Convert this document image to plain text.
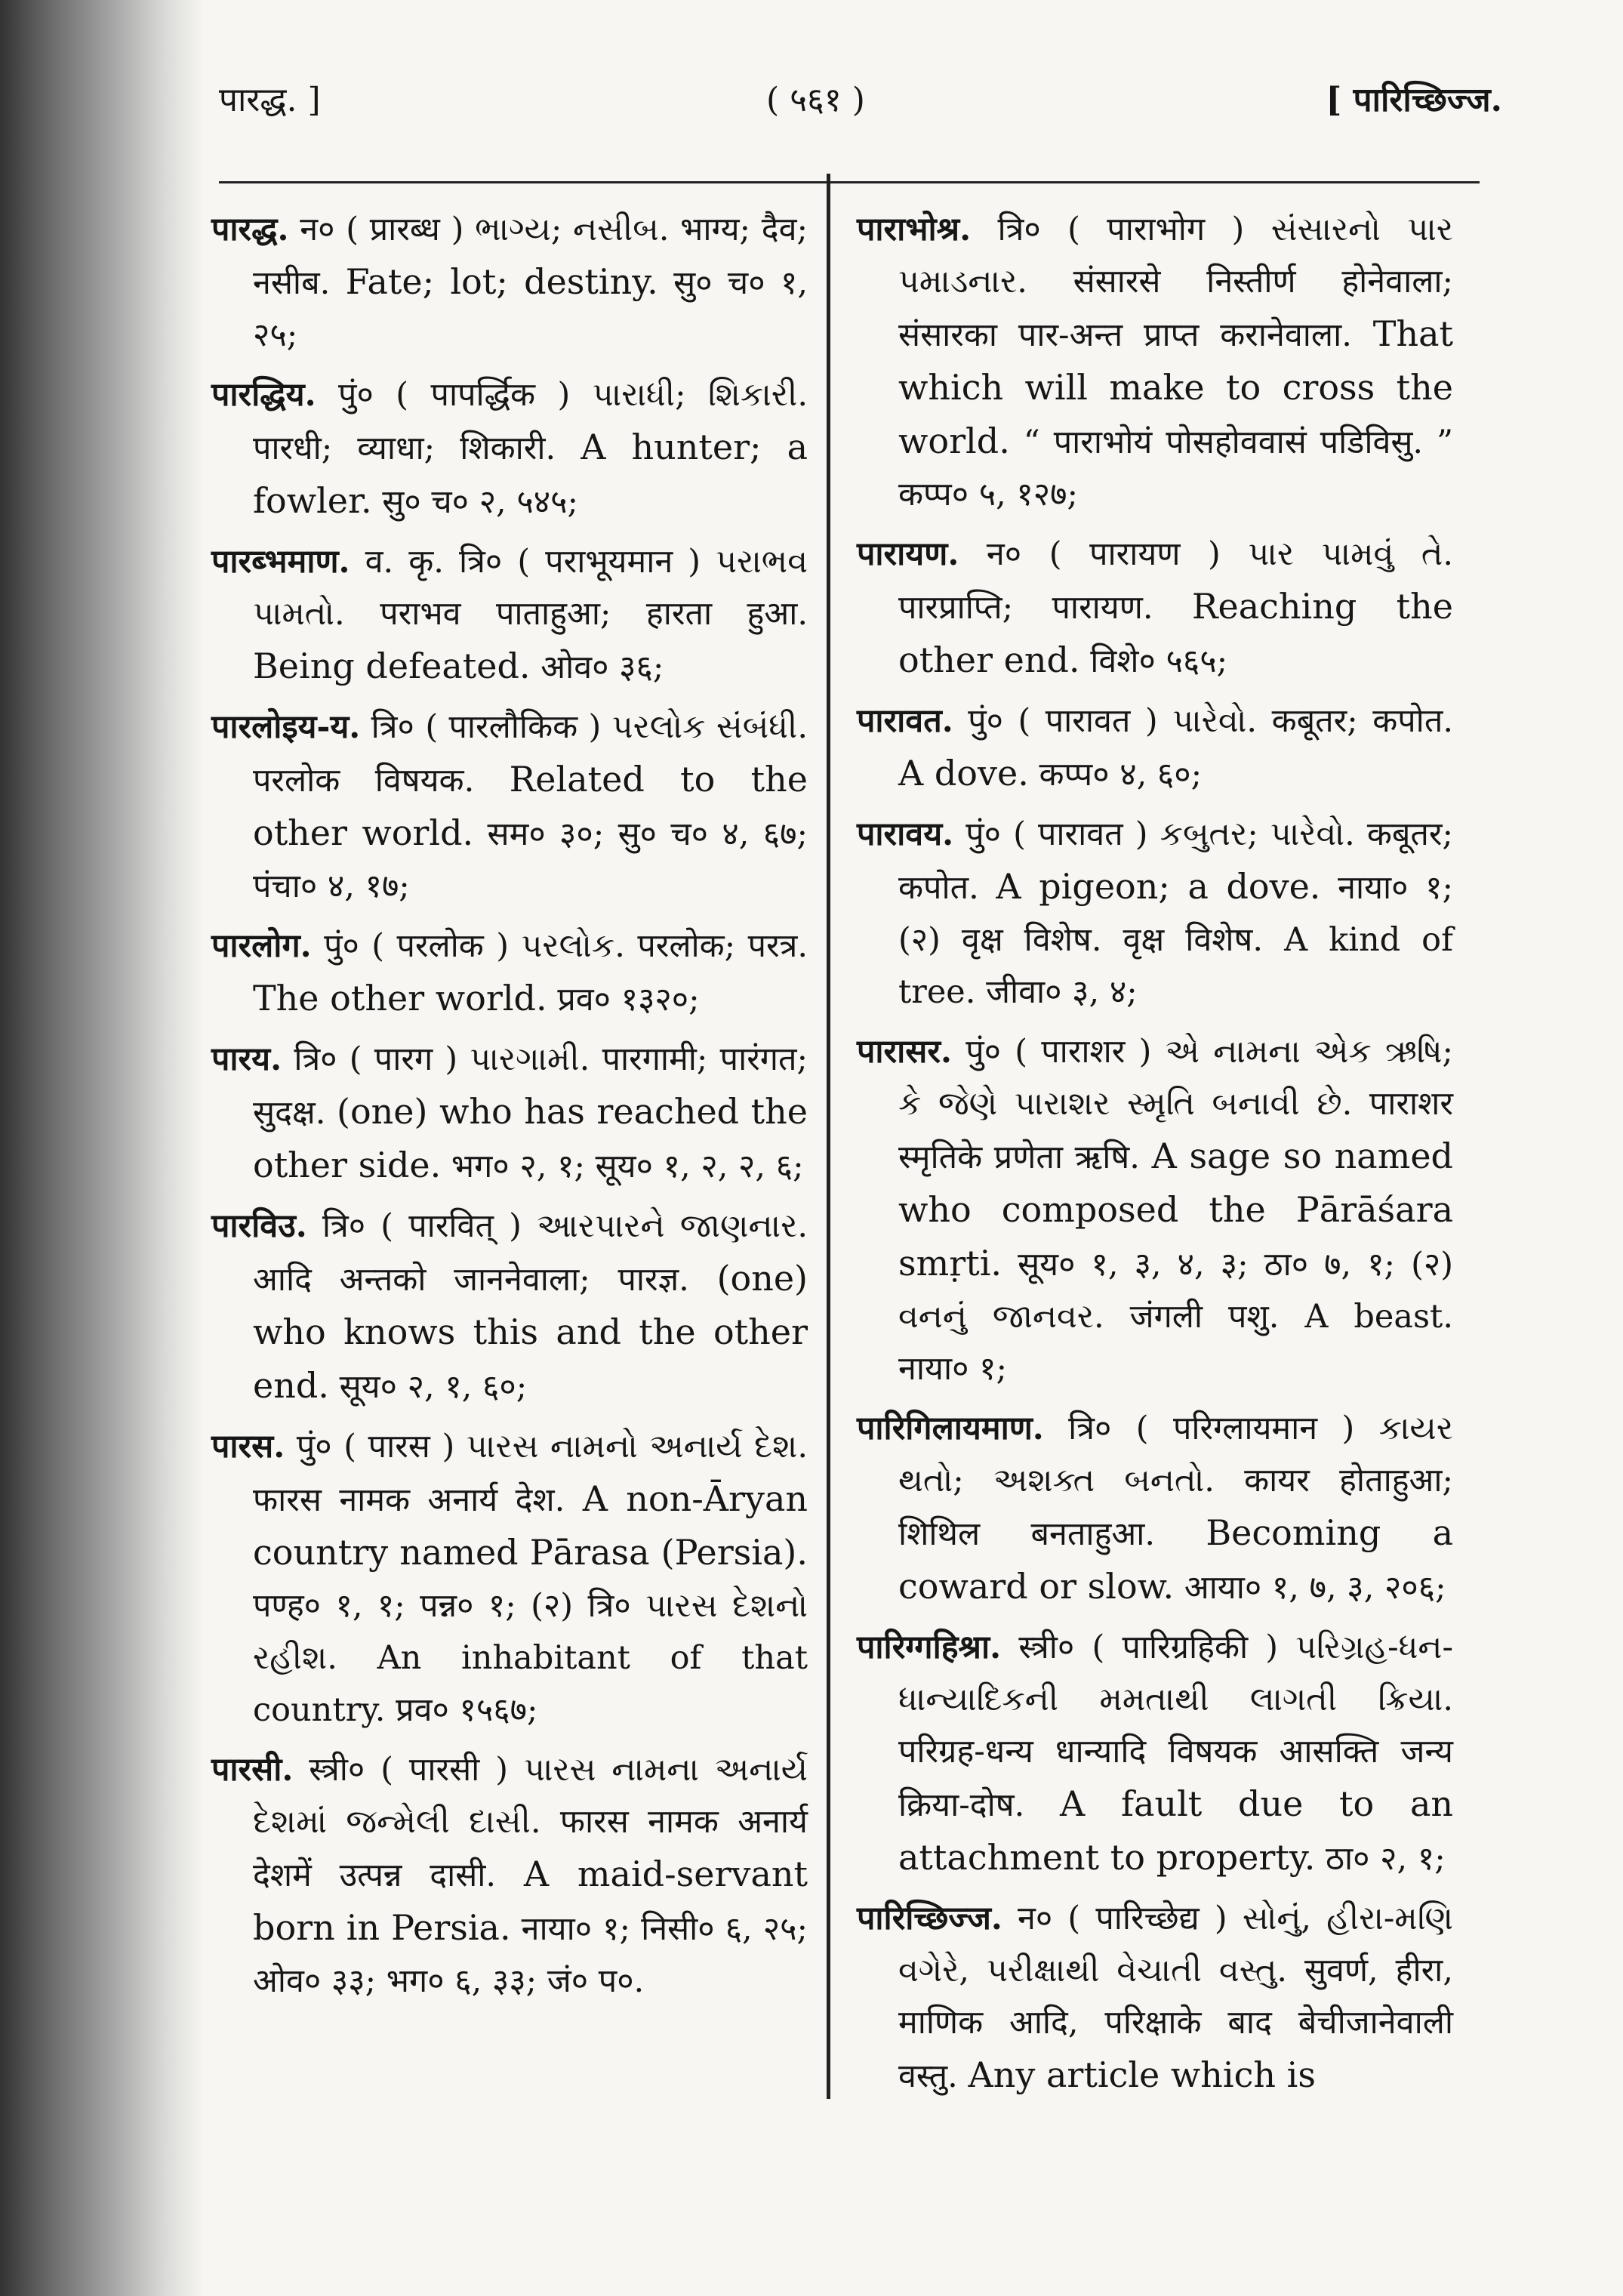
पारद्ध. ]	( ५६१ )	[ पारिच्छिज्ज.

पारद्ध. न० ( प्रारब्ध ) ભાગ્ય; નસીબ. भाग्य; दैव; नसीब. Fate; lot; destiny. सु० च० १, २५;

पारद्धिय. पुं० ( पापर्द्धिक ) પારાધી; શિકારી. पारधी; व्याधा; शिकारी. A hunter; a fowler. सु० च० २, ५४५;

पारब्भमाण. व. कृ. त्रि० ( पराभूयमान ) પરાભવ પામતો. पराभव पाताहुआ; हारता हुआ. Being defeated. ओव० ३६;

पारलोइय-य. त्रि० ( पारलौकिक ) પરલોક સંબંધી. परलोक विषयक. Related to the other world. सम० ३०; सु० च० ४, ६७; पंचा० ४, १७;

पारलोग. पुं० ( परलोक ) પરલોક. परलोक; परत्र. The other world. प्रव० १३२०;

पारय. त्रि० ( पारग ) પારગામી. पारगामी; पारंगत; सुदक्ष. (one) who has reached the other side. भग० २, १; सूय० १, २, २, ६;

पारविउ. त्रि० ( पारवित् ) આરપારને જાણનાર. आदि अन्तको जाननेवाला; पारज्ञ. (one) who knows this and the other end. सूय० २, १, ६०;

पारस. पुं० ( पारस ) પારસ નામનો અનાર્ય દેશ. फारस नामक अनार्य देश. A non-Āryan country named Pārasa (Persia). पण्ह० १, १; पन्न० १; (२) त्रि० પારસ દેશનો રહીશ. An inhabitant of that country. प्रव० १५६७;

पारसी. स्त्री० ( पारसी ) પારસ નામના અનાર્ય દેશમાં જન્મેલી દાસી. फारस नामक अनार्य देशमें उत्पन्न दासी. A maid-servant born in Persia. नाया० १; निसी० ६, २५; ओव० ३३; भग० ६, ३३; जं० प०.

पाराभोश्र. त्रि० ( पाराभोग ) સંસારનો પાર પમાડનાર. संसारसे निस्तीर्ण होनेवाला; संसारका पार-अन्त प्राप्त करानेवाला. That which will make to cross the world. “ पाराभोयं पोसहोववासं पडिविसु. ” कप्प० ५, १२७;

पारायण. न० ( पारायण ) પાર પામવું તે. पारप्राप्ति; पारायण. Reaching the other end. विशे० ५६५;

पारावत. पुं० ( पारावत ) પારેવો. कबूतर; कपोत. A dove. कप्प० ४, ६०;

पारावय. पुं० ( पारावत ) કબુતર; પારેવો. कबूतर; कपोत. A pigeon; a dove. नाया० १; (२) वृक्ष विशेष. वृक्ष विशेष. A kind of tree. जीवा० ३, ४;

पारासर. पुं० ( पाराशर ) એ નામના એક ઋષિ; કે જેણે પારાશર સ્મૃતિ બનાવી છે. पाराशर स्मृतिके प्रणेता ऋषि. A sage so named who composed the Pārāśara smṛti. सूय० १, ३, ४, ३; ठा० ७, १; (२) વનનું જાનવર. जंगली पशु. A beast. नाया० १;

पारिगिलायमाण. त्रि० ( परिग्लायमान ) કાયર થતો; અશક્ત બનતો. कायर होताहुआ; शिथिल बनताहुआ. Becoming a coward or slow. आया० १, ७, ३, २०६;

पारिग्गहिश्रा. स्त्री० ( पारिग्रहिकी ) પરિગ્રહ-ધન-ધાન્યાદિકની મમતાથી લાગતી ક્રિયા. परिग्रह-धन्य धान्यादि विषयक आसक्ति जन्य क्रिया-दोष. A fault due to an attachment to property. ठा० २, १;

पारिच्छिज्ज. न० ( पारिच्छेद्य ) સોનું, હીરા-મણિ વગેરે, પરીક્ષાથી વેચાતી વસ્તુ. सुवर्ण, हीरा, माणिक आदि, परिक्षाके बाद बेचीजानेवाली वस्तु. Any article which is
